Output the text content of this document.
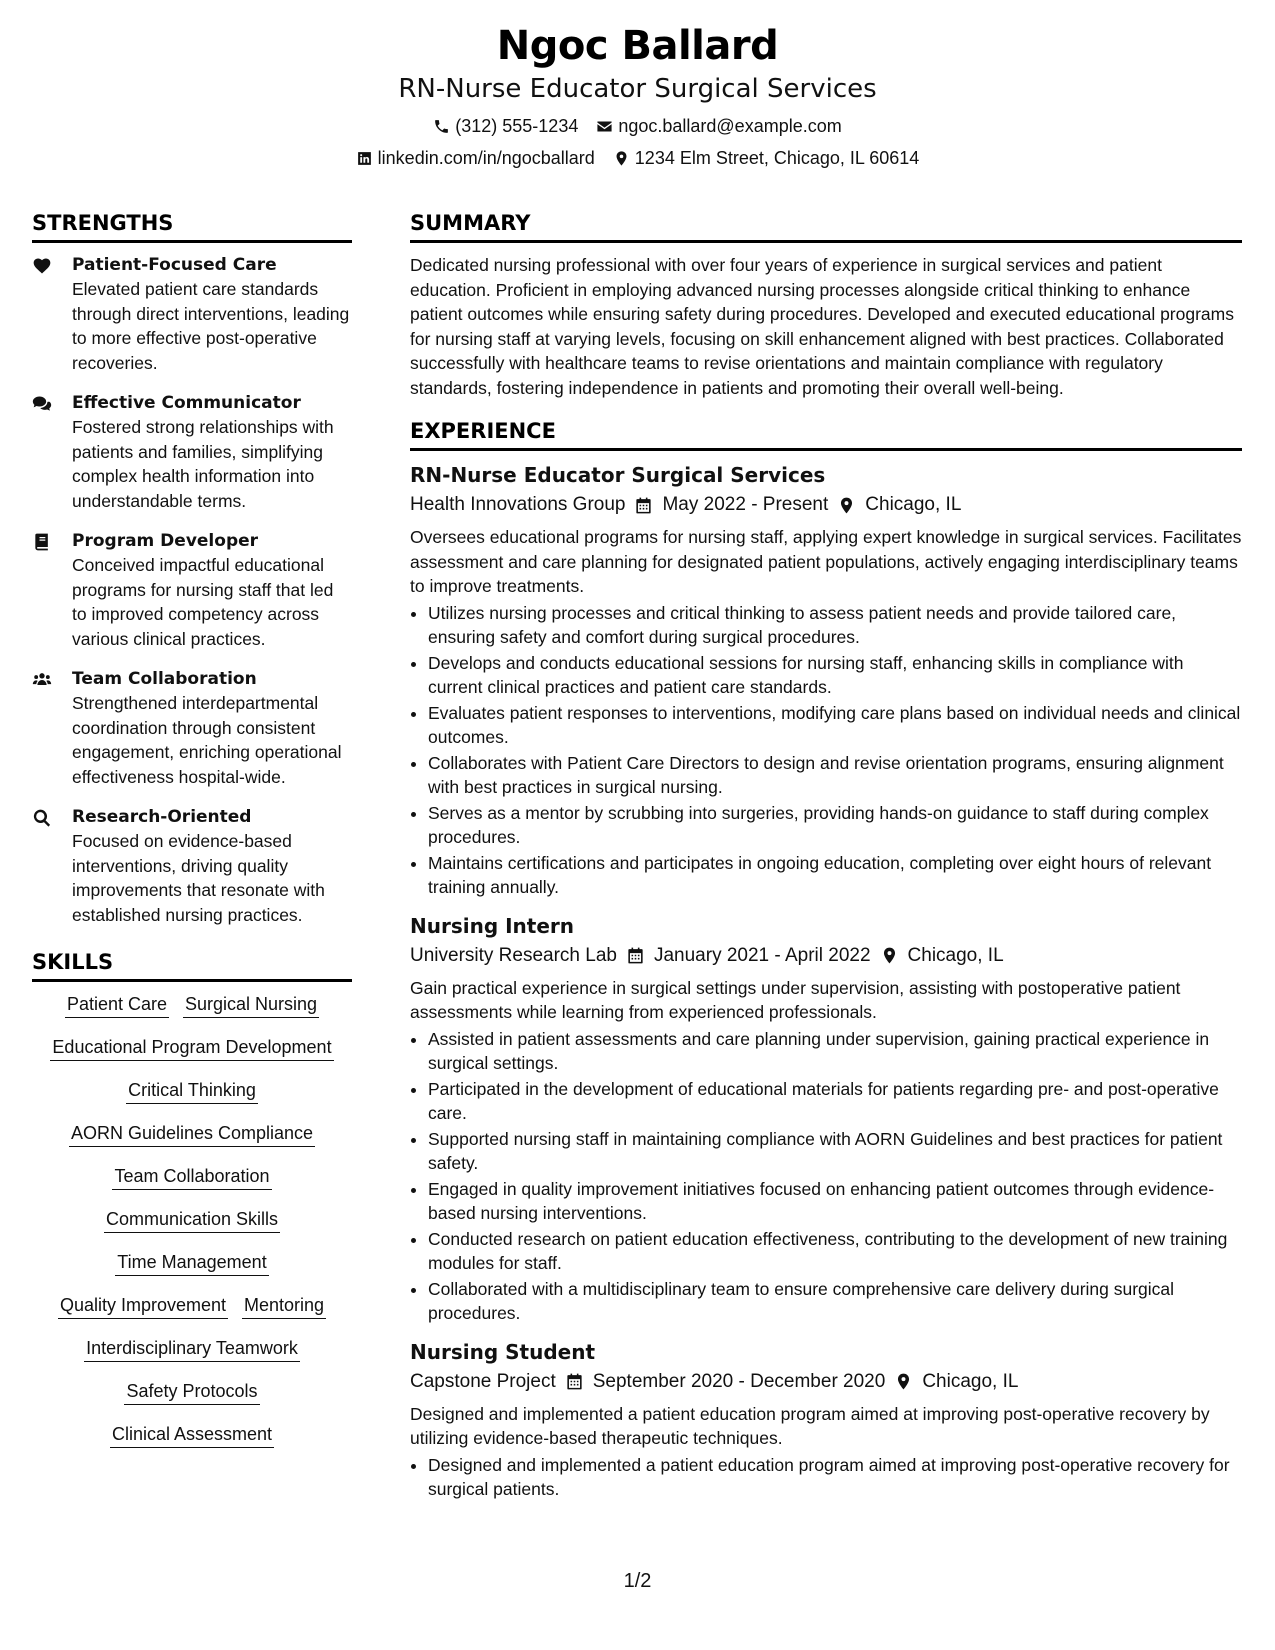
Ngoc Ballard
RN-Nurse Educator Surgical Services
(312) 555-1234 ngoc.ballard@example.com
linkedin.com/in/ngocballard 1234 Elm Street, Chicago, IL 60614
STRENGTHS
Patient-Focused Care
Elevated patient care standards through direct interventions, leading to more effective post-operative recoveries.
Effective Communicator
Fostered strong relationships with patients and families, simplifying complex health information into understandable terms.
Program Developer
Conceived impactful educational programs for nursing staff that led to improved competency across various clinical practices.
Team Collaboration
Strengthened interdepartmental coordination through consistent engagement, enriching operational effectiveness hospital-wide.
Research-Oriented
Focused on evidence-based interventions, driving quality improvements that resonate with established nursing practices.
SKILLS
Patient Care Surgical Nursing
Educational Program Development
Critical Thinking
AORN Guidelines Compliance
Team Collaboration
Communication Skills
Time Management
Quality Improvement Mentoring
Interdisciplinary Teamwork
Safety Protocols
Clinical Assessment
SUMMARY
Dedicated nursing professional with over four years of experience in surgical services and patient education. Proficient in employing advanced nursing processes alongside critical thinking to enhance patient outcomes while ensuring safety during procedures. Developed and executed educational programs for nursing staff at varying levels, focusing on skill enhancement aligned with best practices. Collaborated successfully with healthcare teams to revise orientations and maintain compliance with regulatory standards, fostering independence in patients and promoting their overall well-being.
EXPERIENCE
RN-Nurse Educator Surgical Services
Health Innovations Group May 2022 - Present Chicago, IL
Oversees educational programs for nursing staff, applying expert knowledge in surgical services. Facilitates assessment and care planning for designated patient populations, actively engaging interdisciplinary teams to improve treatments.
• Utilizes nursing processes and critical thinking to assess patient needs and provide tailored care, ensuring safety and comfort during surgical procedures.
• Develops and conducts educational sessions for nursing staff, enhancing skills in compliance with current clinical practices and patient care standards.
• Evaluates patient responses to interventions, modifying care plans based on individual needs and clinical outcomes.
• Collaborates with Patient Care Directors to design and revise orientation programs, ensuring alignment with best practices in surgical nursing.
• Serves as a mentor by scrubbing into surgeries, providing hands-on guidance to staff during complex procedures.
• Maintains certifications and participates in ongoing education, completing over eight hours of relevant training annually.
Nursing Intern
University Research Lab January 2021 - April 2022 Chicago, IL
Gain practical experience in surgical settings under supervision, assisting with postoperative patient assessments while learning from experienced professionals.
• Assisted in patient assessments and care planning under supervision, gaining practical experience in surgical settings.
• Participated in the development of educational materials for patients regarding pre- and post-operative care.
• Supported nursing staff in maintaining compliance with AORN Guidelines and best practices for patient safety.
• Engaged in quality improvement initiatives focused on enhancing patient outcomes through evidence-based nursing interventions.
• Conducted research on patient education effectiveness, contributing to the development of new training modules for staff.
• Collaborated with a multidisciplinary team to ensure comprehensive care delivery during surgical procedures.
Nursing Student
Capstone Project September 2020 - December 2020 Chicago, IL
Designed and implemented a patient education program aimed at improving post-operative recovery by utilizing evidence-based therapeutic techniques.
• Designed and implemented a patient education program aimed at improving post-operative recovery for surgical patients.
1/2
